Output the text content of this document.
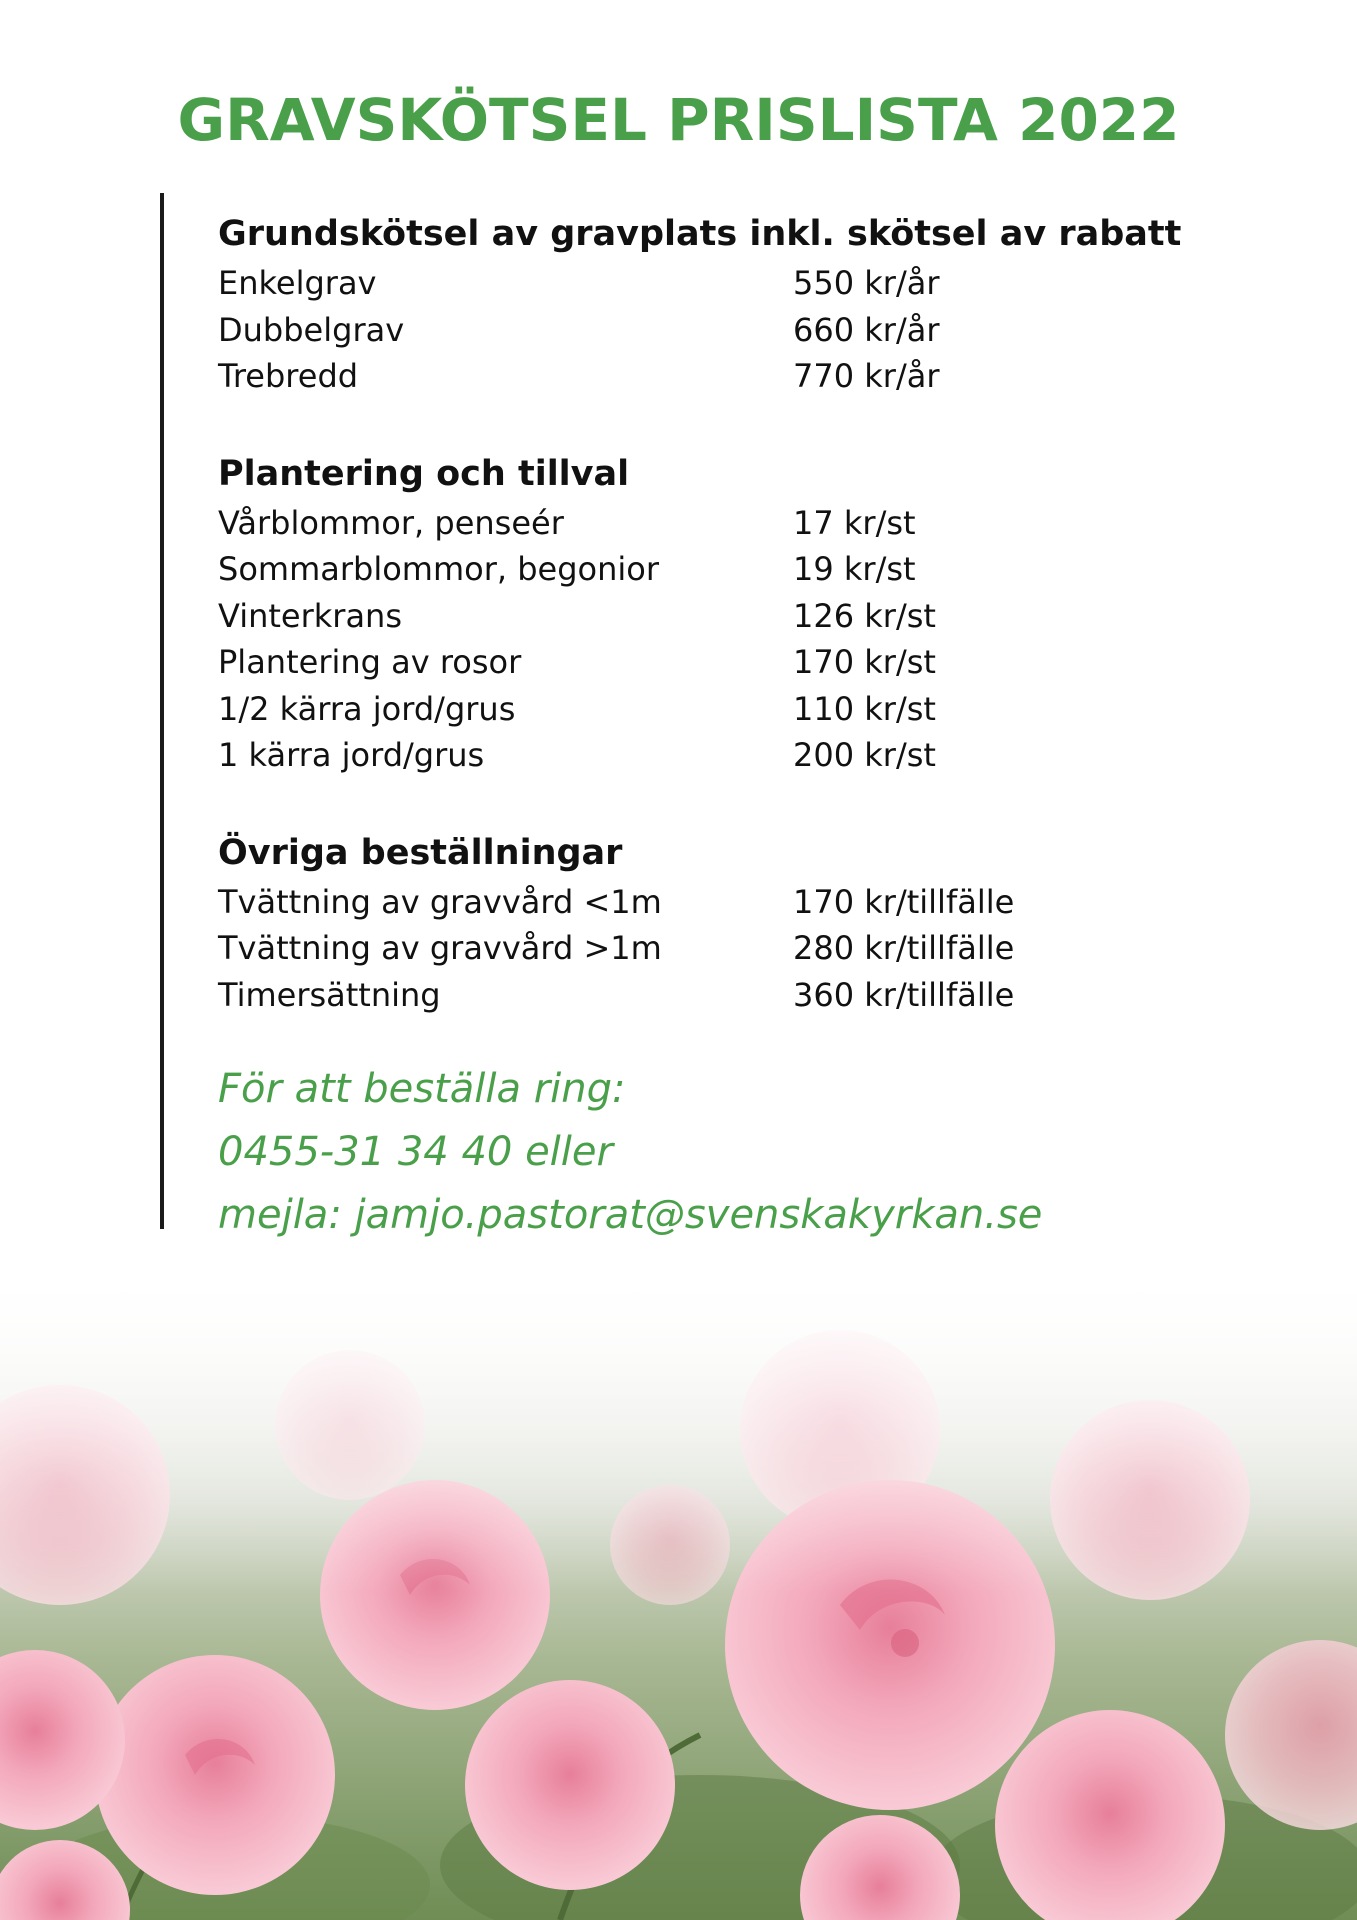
GRAVSKÖTSEL PRISLISTA 2022
Grundskötsel av gravplats inkl. skötsel av rabatt
Enkelgrav	550 kr/år
Dubbelgrav	660 kr/år
Trebredd	770 kr/år
Plantering och tillval
Vårblommor, penseér	17 kr/st
Sommarblommor, begonior	19 kr/st
Vinterkrans	126 kr/st
Plantering av rosor	170 kr/st
1/2 kärra jord/grus	110 kr/st
1 kärra jord/grus	200 kr/st
Övriga beställningar
Tvättning av gravvård <1m	170 kr/tillfälle
Tvättning av gravvård >1m	280 kr/tillfälle
Timersättning	360 kr/tillfälle
För att beställa ring:
0455-31 34 40 eller
mejla: jamjo.pastorat@svenskakyrkan.se
